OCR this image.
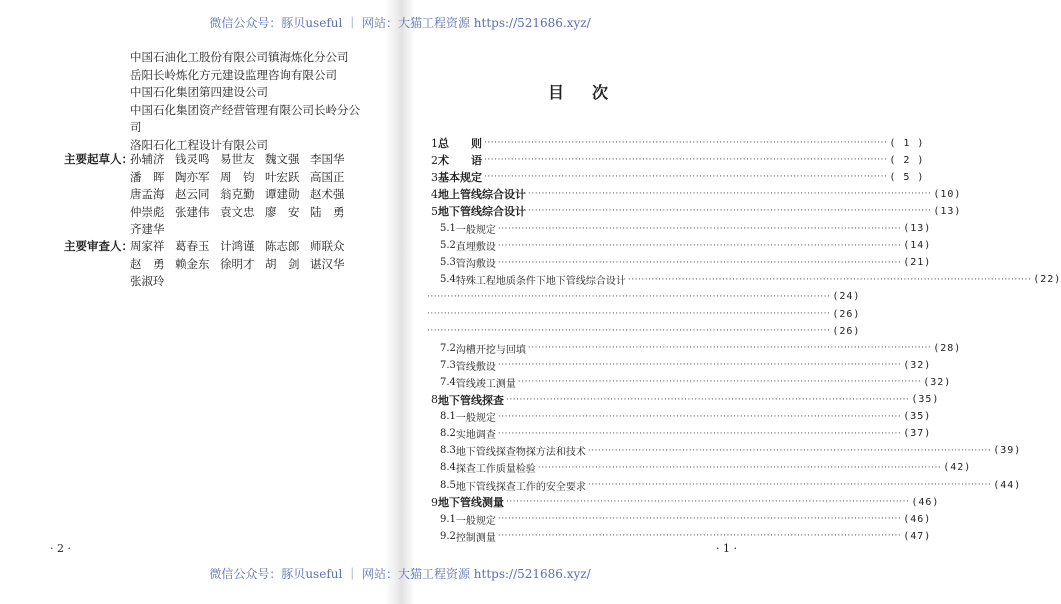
微信公众号：豚贝useful ｜ 网站：大猫工程资源 https://521686.xyz/
微信公众号：豚贝useful ｜ 网站：大猫工程资源 https://521686.xyz/
主要起草人：
主要审查人：
· 2 ·
中国石油化工股份有限公司镇海炼化分公司
岳阳长岭炼化方元建设监理咨询有限公司
中国石化集团第四建设公司
中国石化集团资产经营管理有限公司长岭分公
司
洛阳石化工程设计有限公司
孙辅济 钱灵鸣 易世友 魏文强 李国华
潘　晖 陶亦军 周　钧 叶宏跃 高国正
唐孟海 赵云同 翁克勤 谭建勋 赵术强
仲崇彪 张建伟 袁文忠 廖　安 陆　勇
齐建华
周家祥 葛春玉 计鸿谨 陈志郎 师联众
赵　勇 赖金东 徐明才 胡　剑 谌汉华
张淑玲
目次
· 1 ·
1 总　　则 ························································································································ ( 1 )
2 术　　语 ························································································································ ( 2 )
3 基本规定 ························································································································ ( 5 )
4 地上管线综合设计 ························································································································ (10)
5 地下管线综合设计 ························································································································ (13)
5.1 一般规定 ························································································································ (13)
5.2 直埋敷设 ························································································································ (14)
5.3 管沟敷设 ························································································································ (21)
5.4 特殊工程地质条件下地下管线综合设计 ························································································································ (22)
························································································································ (24)
························································································································ (26)
························································································································ (26)
7.2 沟槽开挖与回填 ························································································································ (28)
7.3 管线敷设 ························································································································ (32)
7.4 管线竣工测量 ························································································································ (32)
8 地下管线探查 ························································································································ (35)
8.1 一般规定 ························································································································ (35)
8.2 实地调查 ························································································································ (37)
8.3 地下管线探查物探方法和技术 ························································································································ (39)
8.4 探查工作质量检验 ························································································································ (42)
8.5 地下管线探查工作的安全要求 ························································································································ (44)
9 地下管线测量 ························································································································ (46)
9.1 一般规定 ························································································································ (46)
9.2 控制测量 ························································································································ (47)
